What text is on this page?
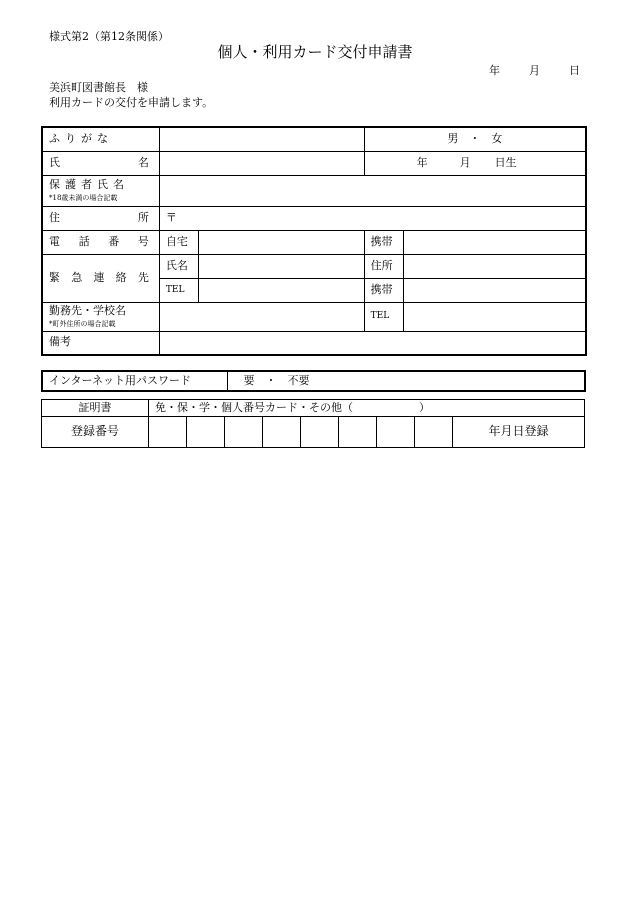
様式第2（第12条関係）
個人・利用カード交付申請書
年	月	日
美浜町図書館長　様
利用カードの交付を申請します。
ふりがな			男　・　女	

氏 名			年 月 日生	
保護者氏名
*18歳未満の場合記載				

住 所	〒			

電 話 番 号	自宅		携帯	

緊 急 連 絡 先	氏名		住所	
	TEL		携帯	
勤務先・学校名
*町外住所の場合記載			TEL	
備考				
インターネット用パスワード	要　・　不要
証明書	免・保・学・個人番号カード・その他（　　　　　　）								
登録番号									年月日登録
